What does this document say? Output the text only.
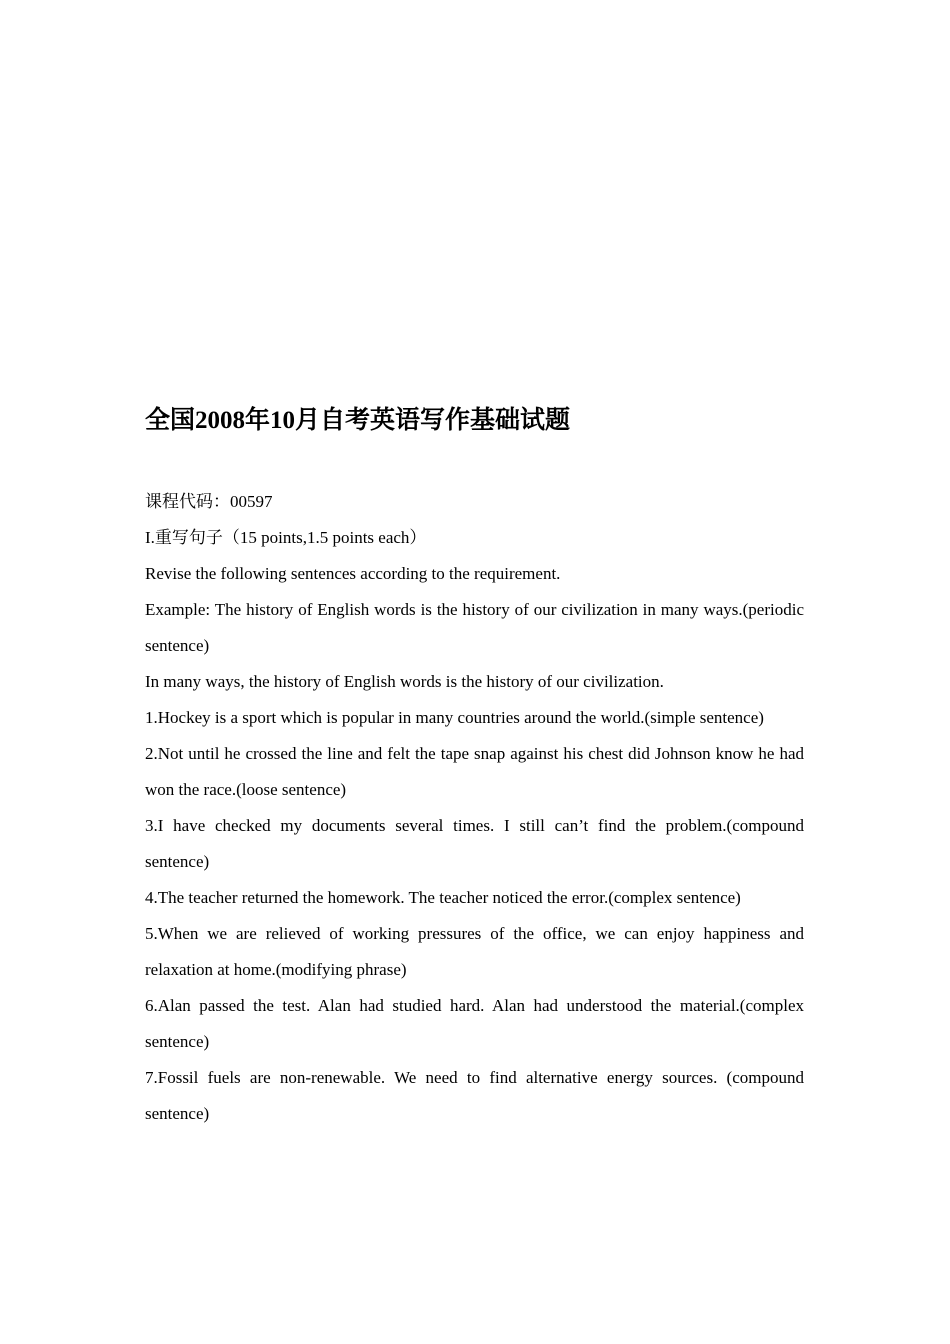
全国2008年10月自考英语写作基础试题

课程代码：00597

I.重写句子（15 points,1.5 points each）

Revise the following sentences according to the requirement.

Example: The history of English words is the history of our civilization in many ways.(periodic sentence)

In many ways, the history of English words is the history of our civilization.

1.Hockey is a sport which is popular in many countries around the world.(simple sentence)

2.Not until he crossed the line and felt the tape snap against his chest did Johnson know he had won the race.(loose sentence)

3.I have checked my documents several times. I still can’t find the problem.(compound sentence)

4.The teacher returned the homework. The teacher noticed the error.(complex sentence)

5.When we are relieved of working pressures of the office, we can enjoy happiness and relaxation at home.(modifying phrase)

6.Alan passed the test. Alan had studied hard. Alan had understood the material.(complex sentence)

7.Fossil fuels are non-renewable. We need to find alternative energy sources. (compound sentence)
